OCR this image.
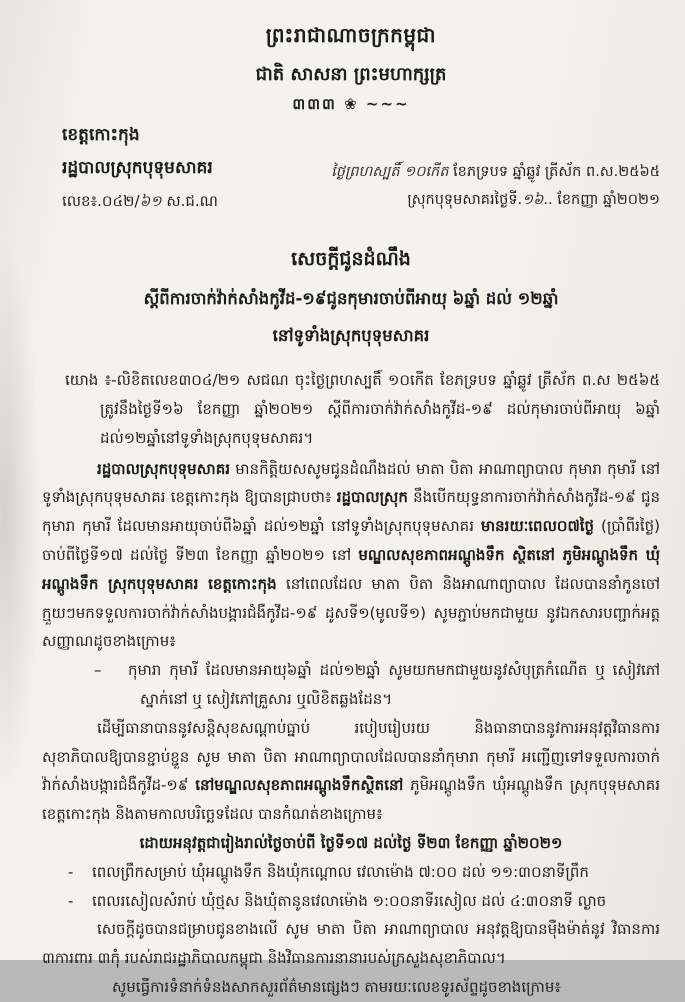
ព្រះរាជាណាចក្រកម្ពុជា
ជាតិ សាសនា ព្រះមហាក្សត្រ
៣៣៣ ❀ ~~~
ខេត្តកោះកុង
រដ្ឋបាលស្រុកបុទុមសាគរ
លេខ៖.០៤២/៦១ ស.ជ.ណ
ថ្ងៃព្រហស្បតិ៍ ១០កើត ខែភទ្របទ ឆ្នាំឆ្លូវ ត្រីស័ក ព.ស.២៥៦៥
ស្រុកបុទុមសាគរថ្ងៃទី.១៦.. ខែកញ្ញា ឆ្នាំ២០២១
សេចក្តីជូនដំណឹង
ស្តីពីការចាក់វ៉ាក់សាំងកូវីដ-១៩ជូនកុមារចាប់ពីអាយុ ៦ឆ្នាំ ដល់ ១២ឆ្នាំ
នៅទូទាំងស្រុកបុទុមសាគរ

យោង ៖-លិខិតលេខ៣០៤/២១ សជណ ចុះថ្ងៃព្រហស្បតិ៍ ១០កើត ខែភទ្របទ ឆ្នាំឆ្លូវ ត្រីស័ក ព.ស ២៥៦៥ ត្រូវនឹងថ្ងៃទី១៦ ខែកញ្ញា ឆ្នាំ២០២១ ស្តីពីការចាក់វ៉ាក់សាំងកូវីដ-១៩ ដល់កុមារចាប់ពីអាយុ ៦ឆ្នាំ ដល់១២ឆ្នាំនៅទូទាំងស្រុកបុទុមសាគរ។

រដ្ឋបាលស្រុកបុទុមសាគរ មានកិត្តិយសសូមជូនដំណឹងដល់ មាតា បិតា អាណាព្យាបាល កុមារា កុមារី នៅទូទាំងស្រុកបុទុមសាគរ ខេត្តកោះកុង ឱ្យបានជ្រាបថា៖ រដ្ឋបាលស្រុក នឹងបើកយុទ្ធនាការចាក់វ៉ាក់សាំងកូវីដ-១៩ ជូនកុមារា កុមារី ដែលមានអាយុចាប់ពី៦ឆ្នាំ ដល់១២ឆ្នាំ នៅទូទាំងស្រុកបុទុមសាគរ មានរយៈពេល០៧ថ្ងៃ (ប្រាំពីរថ្ងៃ) ចាប់ពីថ្ងៃទី១៧ ដល់ថ្ងៃ ទី២៣ ខែកញ្ញា ឆ្នាំ២០២១ នៅ មណ្ឌលសុខភាពអណ្ដូងទឹក ស្ថិតនៅ ភូមិអណ្ដូងទឹក ឃុំអណ្ដូងទឹក ស្រុកបុទុមសាគរ ខេត្តកោះកុង នៅពេលដែល មាតា បិតា និងអាណាព្យាបាល ដែលបាននាំកូនចៅ ក្មួយៗមកទទួលការចាក់វ៉ាក់សាំងបង្ការជំងឺកូវីដ-១៩ ដូសទី១(មូលទី១) សូមភ្ជាប់មកជាមួយ នូវឯកសារបញ្ជាក់អត្តសញ្ញាណដូចខាងក្រោម៖

– កុមារា កុមារី ដែលមានអាយុ៦ឆ្នាំ ដល់១២ឆ្នាំ សូមយកមកជាមួយនូវសំបុត្រកំណើត ឬ សៀវភៅស្នាក់នៅ ឬ សៀវភៅគ្រួសារ ឬលិខិតឆ្លងដែន។

ដើម្បីធានាបាននូវសន្តិសុខសណ្ដាប់ធ្នាប់ របៀបរៀបរយ និងធានាបាននូវការអនុវត្តវិធានការសុខាភិបាលឱ្យបានខ្ជាប់ខ្ជួន សូម មាតា បិតា អាណាព្យាបាលដែលបាននាំកុមារា កុមារី អញ្ជើញទៅទទួលការចាក់វ៉ាក់សាំងបង្ការជំងឺកូវីដ-១៩ នៅមណ្ឌលសុខភាពអណ្ដូងទឹកស្ថិតនៅ ភូមិអណ្ដូងទឹក ឃុំអណ្ដូងទឹក ស្រុកបុទុមសាគរ ខេត្តកោះកុង និងតាមកាលបរិច្ឆេទដែល បានកំណត់ខាងក្រោម៖

ដោយអនុវត្តជារៀងរាល់ថ្ងៃចាប់ពី ថ្ងៃទី១៧ ដល់ថ្ងៃ ទី២៣ ខែកញ្ញា ឆ្នាំ២០២១

- ពេលព្រឹកសម្រាប់ ឃុំអណ្ដូងទឹក និងឃុំកណ្ដោល វេលាម៉ោង ៧:០០ ដល់ ១១:៣០នាទីព្រឹក

- ពេលរសៀលសំរាប់ ឃុំថ្មស និងឃុំតានូនវេលាម៉ោង ១:០០នាទីរសៀល ដល់ ៤:៣០នាទី ល្ងាច

សេចក្តីដូចបានជម្រាបជូនខាងលើ សូម មាតា បិតា អាណាព្យាបាល អនុវត្តឱ្យបានម៉ឺងម៉ាត់នូវ វិធានការ ៣ការពារ ៣កុំ របស់រាជរដ្ឋាភិបាលកម្ពុជា និងវិធានការនានារបស់ក្រសួងសុខាភិបាល។

សូមធ្វើការទំនាក់ទំនងសាកសួរព័ត៌មានផ្សេងៗ តាមរយៈលេខទូរស័ព្ទដូចខាងក្រោម៖
